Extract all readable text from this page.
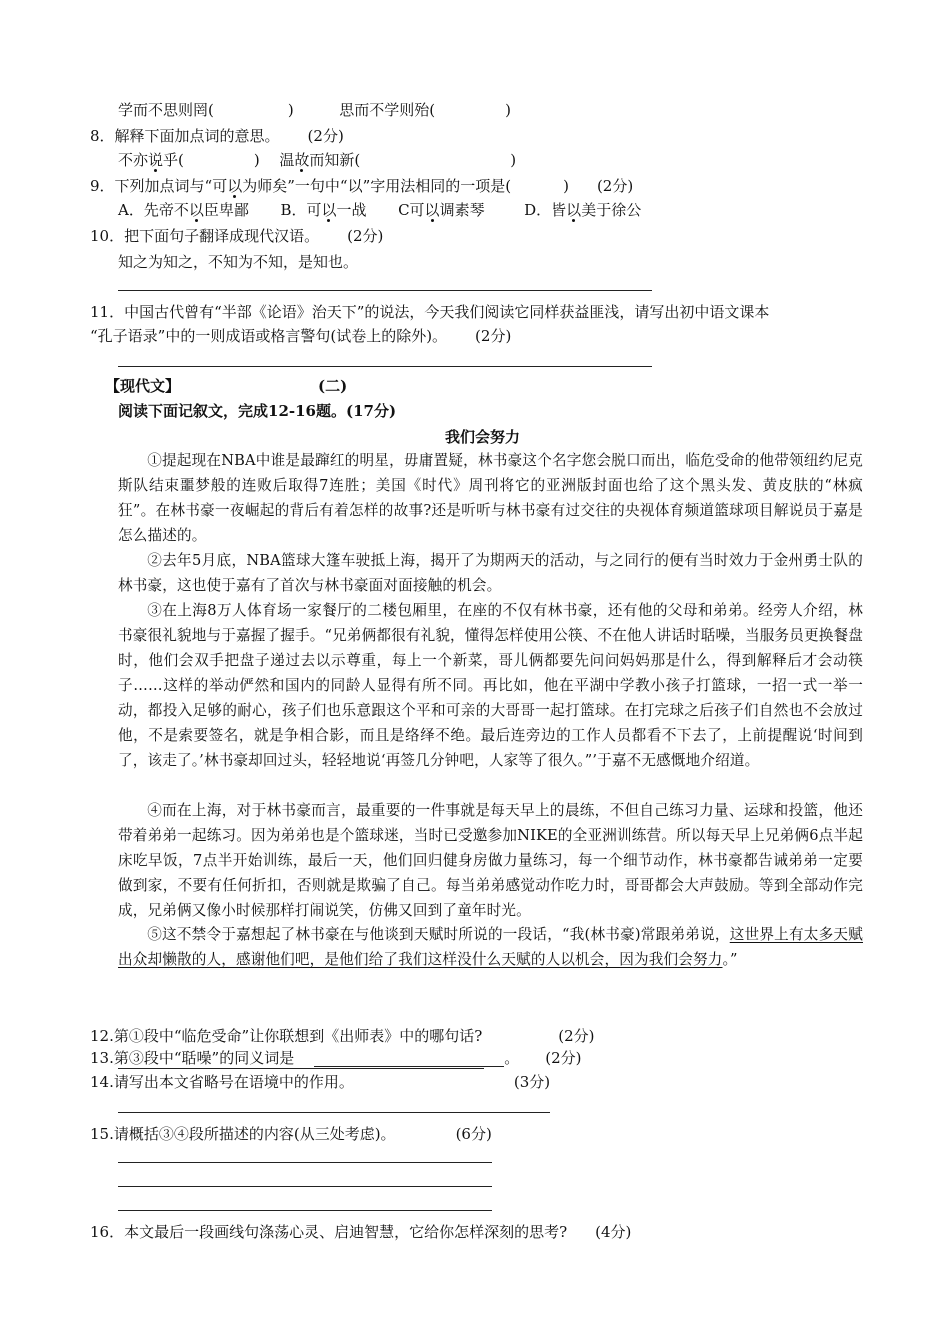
学而不思则罔(	)	思而不学则殆(	)
8．解释下面加点词的意思。 (2分)
不亦说乎(	) 温故而知新(	)
9．下列加点词与“可以为师矣”一句中“以”字用法相同的一项是(	) (2分)
A．先帝不以臣卑鄙 B．可以一战 C可以调素琴	D．皆以美于徐公
10．把下面句子翻译成现代汉语。 (2分)
知之为知之，不知为不知，是知也。
11．中国古代曾有“半部《论语》治天下”的说法，今天我们阅读它同样获益匪浅，请写出初中语文课本
“孔子语录”中的一则成语或格言警句(试卷上的除外)。 (2分)
【现代文】	(二)
阅读下面记叙文，完成12-16题。(17分)
我们会努力
①提起现在NBA中谁是最蹿红的明星，毋庸置疑，林书豪这个名字您会脱口而出，临危受命的他带领纽约尼克斯队结束噩梦般的连败后取得7连胜；美国《时代》周刊将它的亚洲版封面也给了这个黑头发、黄皮肤的“林疯狂”。在林书豪一夜崛起的背后有着怎样的故事?还是听听与林书豪有过交往的央视体育频道篮球项目解说员于嘉是怎么描述的。
②去年5月底，NBA篮球大篷车驶抵上海，揭开了为期两天的活动，与之同行的便有当时效力于金州勇士队的林书豪，这也使于嘉有了首次与林书豪面对面接触的机会。
③在上海8万人体育场一家餐厅的二楼包厢里，在座的不仅有林书豪，还有他的父母和弟弟。经旁人介绍，林书豪很礼貌地与于嘉握了握手。“兄弟俩都很有礼貌，懂得怎样使用公筷、不在他人讲话时聒噪，当服务员更换餐盘时，他们会双手把盘子递过去以示尊重，每上一个新菜，哥儿俩都要先问问妈妈那是什么，得到解释后才会动筷子……这样的举动俨然和国内的同龄人显得有所不同。再比如，他在平湖中学教小孩子打篮球，一招一式一举一动，都投入足够的耐心，孩子们也乐意跟这个平和可亲的大哥哥一起打篮球。在打完球之后孩子们自然也不会放过他，不是索要签名，就是争相合影，而且是络绎不绝。最后连旁边的工作人员都看不下去了，上前提醒说‘时间到了，该走了。’林书豪却回过头，轻轻地说‘再签几分钟吧，人家等了很久。”’于嘉不无感慨地介绍道。
④而在上海，对于林书豪而言，最重要的一件事就是每天早上的晨练，不但自己练习力量、运球和投篮，他还带着弟弟一起练习。因为弟弟也是个篮球迷，当时已受邀参加NIKE的全亚洲训练营。所以每天早上兄弟俩6点半起床吃早饭，7点半开始训练，最后一天，他们回归健身房做力量练习，每一个细节动作，林书豪都告诫弟弟一定要做到家，不要有任何折扣，否则就是欺骗了自己。每当弟弟感觉动作吃力时，哥哥都会大声鼓励。等到全部动作完成，兄弟俩又像小时候那样打闹说笑，仿佛又回到了童年时光。
⑤这不禁令于嘉想起了林书豪在与他谈到天赋时所说的一段话，“我(林书豪)常跟弟弟说，这世界上有太多天赋出众却懒散的人，感谢他们吧，是他们给了我们这样没什么天赋的人以机会，因为我们会努力。”
12.第①段中“临危受命”让你联想到《出师表》中的哪句话?	(2分)
13.第③段中“聒噪”的同义词是	。 (2分)
14.请写出本文省略号在语境中的作用。	(3分)
15.请概括③④段所描述的内容(从三处考虑)。	(6分)
16．本文最后一段画线句涤荡心灵、启迪智慧，它给你怎样深刻的思考? (4分)
